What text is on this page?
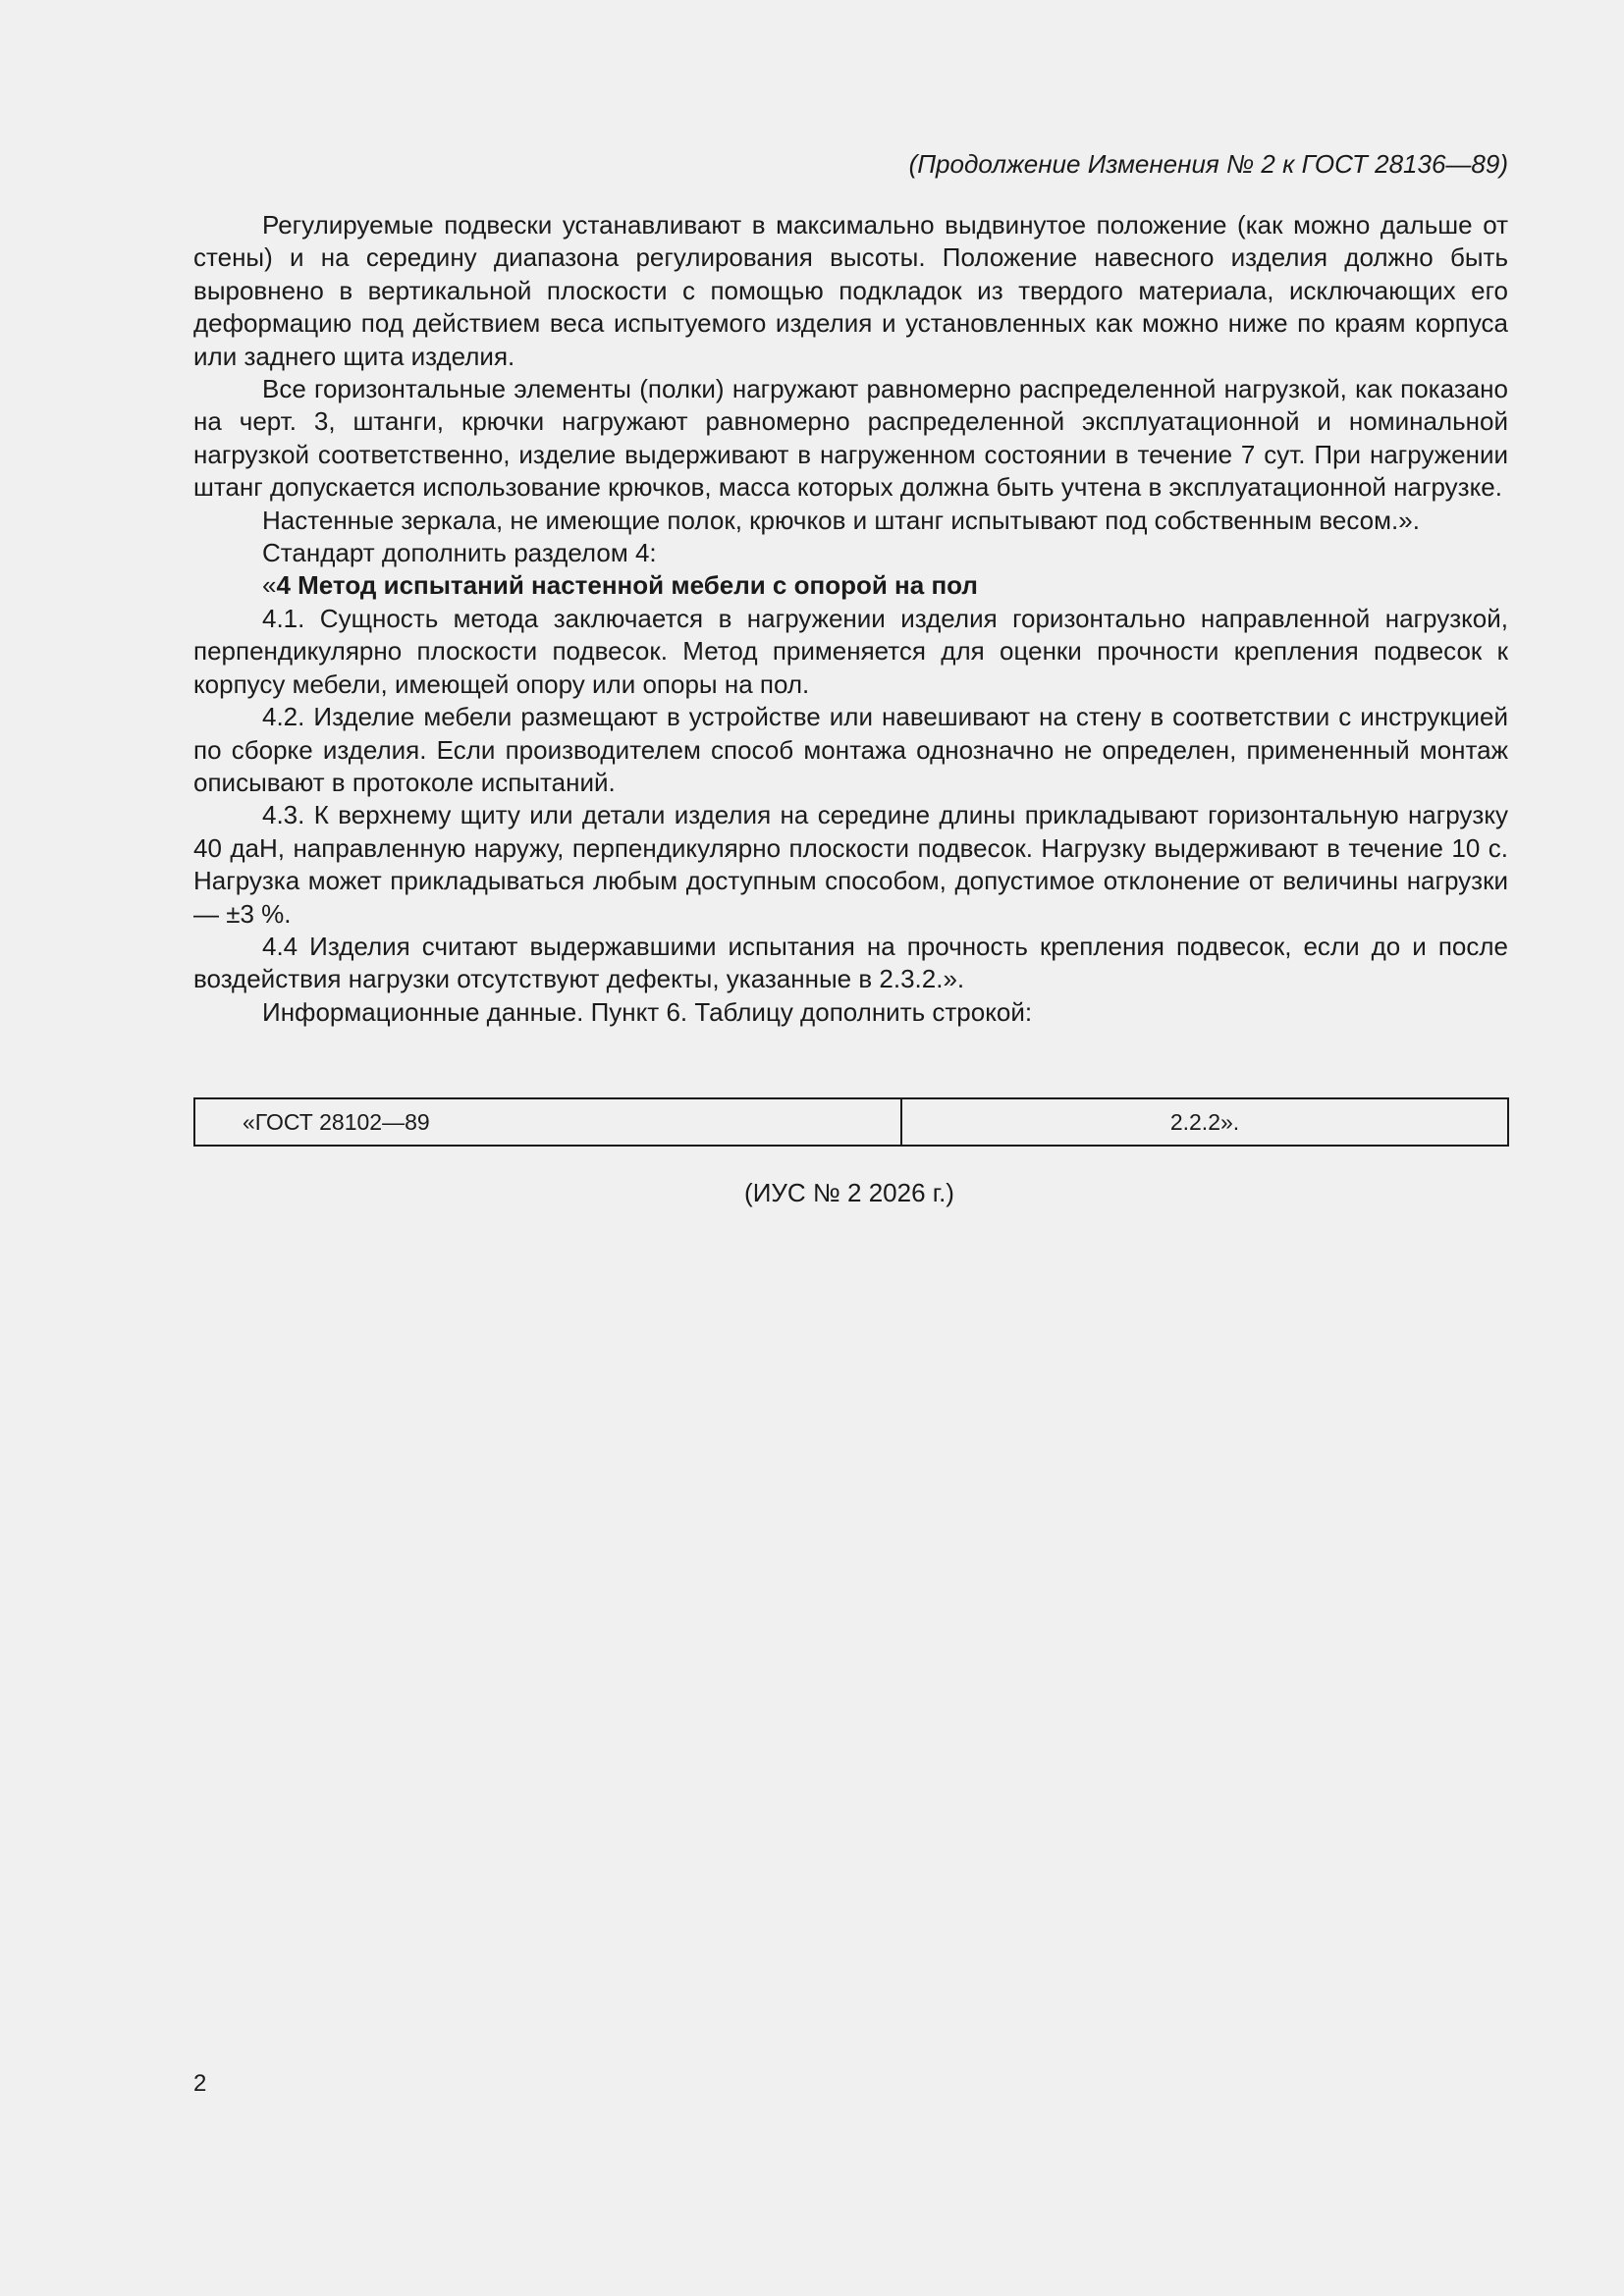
(Продолжение Изменения № 2 к ГОСТ 28136—89)

Регулируемые подвески устанавливают в максимально выдвинутое положение (как можно дальше от стены) и на середину диапазона регулирования высоты. Положение навесного изделия должно быть выровнено в вертикальной плоскости с помощью подкладок из твердого материала, исключающих его деформацию под действием веса испытуемого изделия и установленных как можно ниже по краям корпуса или заднего щита изделия.

Все горизонтальные элементы (полки) нагружают равномерно распределенной нагрузкой, как показано на черт. 3, штанги, крючки нагружают равномерно распределенной эксплуатационной и номинальной нагрузкой соответственно, изделие выдерживают в нагруженном состоянии в течение 7 сут. При нагружении штанг допускается использование крючков, масса которых должна быть учтена в эксплуатационной нагрузке.

Настенные зеркала, не имеющие полок, крючков и штанг испытывают под собственным весом.».

Стандарт дополнить разделом 4:

«4 Метод испытаний настенной мебели с опорой на пол

4.1. Сущность метода заключается в нагружении изделия горизонтально направленной нагрузкой, перпендикулярно плоскости подвесок. Метод применяется для оценки прочности крепления подвесок к корпусу мебели, имеющей опору или опоры на пол.

4.2. Изделие мебели размещают в устройстве или навешивают на стену в соответствии с инструкцией по сборке изделия. Если производителем способ монтажа однозначно не определен, примененный монтаж описывают в протоколе испытаний.

4.3. К верхнему щиту или детали изделия на середине длины прикладывают горизонтальную нагрузку 40 даН, направленную наружу, перпендикулярно плоскости подвесок. Нагрузку выдерживают в течение 10 с. Нагрузка может прикладываться любым доступным способом, допустимое отклонение от величины нагрузки — ±3 %.

4.4 Изделия считают выдержавшими испытания на прочность крепления подвесок, если до и после воздействия нагрузки отсутствуют дефекты, указанные в 2.3.2.».

Информационные данные. Пункт 6. Таблицу дополнить строкой:

«ГОСТ 28102—89	2.2.2».
(ИУС № 2 2026 г.)
2
